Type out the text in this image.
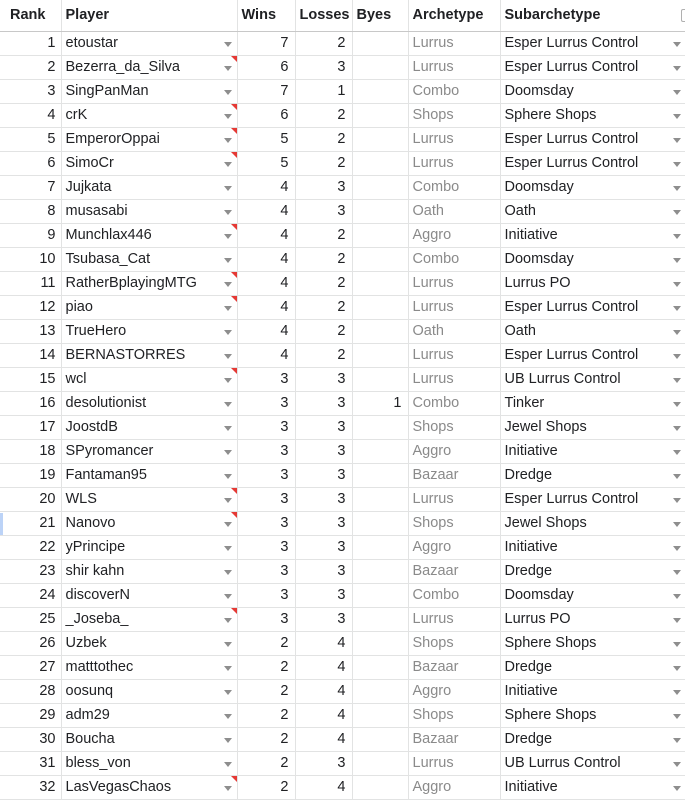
Rank	Player	Wins	Losses	Byes	Archetype	Subarchetype
1	etoustar	7	2		Lurrus	Esper Lurrus Control

2	Bezerra_da_Silva	6	3		Lurrus	Esper Lurrus Control

3	SingPanMan	7	1		Combo	Doomsday

4	crK	6	2		Shops	Sphere Shops

5	EmperorOppai	5	2		Lurrus	Esper Lurrus Control

6	SimoCr	5	2		Lurrus	Esper Lurrus Control

7	Jujkata	4	3		Combo	Doomsday

8	musasabi	4	3		Oath	Oath

9	Munchlax446	4	2		Aggro	Initiative

10	Tsubasa_Cat	4	2		Combo	Doomsday

11	RatherBplayingMTG	4	2		Lurrus	Lurrus PO

12	piao	4	2		Lurrus	Esper Lurrus Control

13	TrueHero	4	2		Oath	Oath

14	BERNASTORRES	4	2		Lurrus	Esper Lurrus Control

15	wcl	3	3		Lurrus	UB Lurrus Control

16	desolutionist	3	3	1	Combo	Tinker

17	JoostdB	3	3		Shops	Jewel Shops

18	SPyromancer	3	3		Aggro	Initiative

19	Fantaman95	3	3		Bazaar	Dredge

20	WLS	3	3		Lurrus	Esper Lurrus Control

21	Nanovo	3	3		Shops	Jewel Shops

22	yPrincipe	3	3		Aggro	Initiative

23	shir kahn	3	3		Bazaar	Dredge

24	discoverN	3	3		Combo	Doomsday

25	_Joseba_	3	3		Lurrus	Lurrus PO

26	Uzbek	2	4		Shops	Sphere Shops

27	matttothec	2	4		Bazaar	Dredge

28	oosunq	2	4		Aggro	Initiative

29	adm29	2	4		Shops	Sphere Shops

30	Boucha	2	4		Bazaar	Dredge

31	bless_von	2	3		Lurrus	UB Lurrus Control

32	LasVegasChaos	2	4		Aggro	Initiative
